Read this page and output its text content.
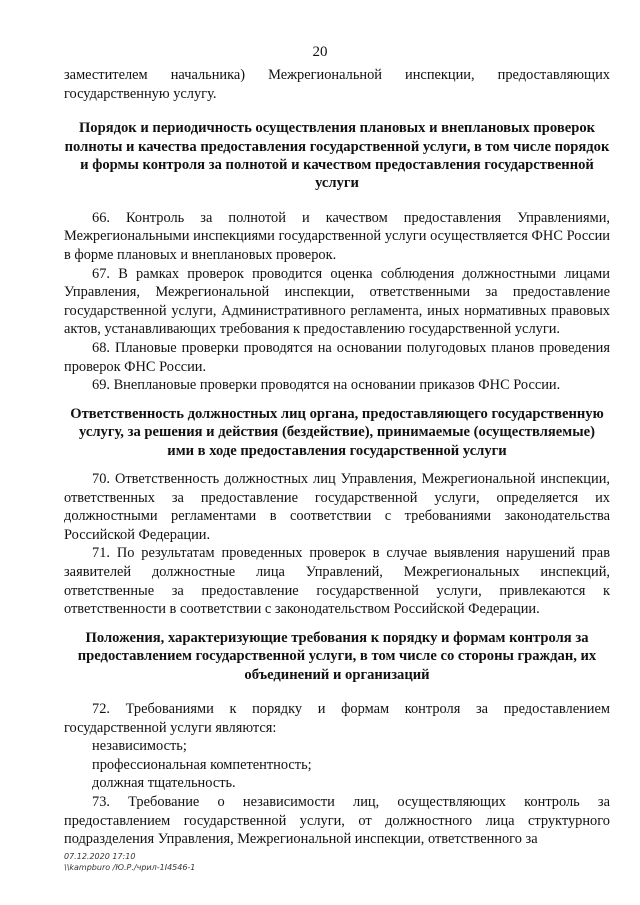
20

заместителем начальника) Межрегиональной инспекции, предоставляющих государственную услугу.

Порядок и периодичность осуществления плановых и внеплановых проверок полноты и качества предоставления государственной услуги, в том числе порядок и формы контроля за полнотой и качеством предоставления государственной услуги

66. Контроль за полнотой и качеством предоставления Управлениями, Межрегиональными инспекциями государственной услуги осуществляется ФНС России в форме плановых и внеплановых проверок.

67. В рамках проверок проводится оценка соблюдения должностными лицами Управления, Межрегиональной инспекции, ответственными за предоставление государственной услуги, Административного регламента, иных нормативных правовых актов, устанавливающих требования к предоставлению государственной услуги.

68. Плановые проверки проводятся на основании полугодовых планов проведения проверок ФНС России.

69. Внеплановые проверки проводятся на основании приказов ФНС России.

Ответственность должностных лиц органа, предоставляющего государственную услугу, за решения и действия (бездействие), принимаемые (осуществляемые) ими в ходе предоставления государственной услуги

70. Ответственность должностных лиц Управления, Межрегиональной инспекции, ответственных за предоставление государственной услуги, определяется их должностными регламентами в соответствии с требованиями законодательства Российской Федерации.

71. По результатам проведенных проверок в случае выявления нарушений прав заявителей должностные лица Управлений, Межрегиональных инспекций, ответственные за предоставление государственной услуги, привлекаются к ответственности в соответствии с законодательством Российской Федерации.

Положения, характеризующие требования к порядку и формам контроля за предоставлением государственной услуги, в том числе со стороны граждан, их объединений и организаций

72. Требованиями к порядку и формам контроля за предоставлением государственной услуги являются:

независимость;

профессиональная компетентность;

должная тщательность.

73. Требование о независимости лиц, осуществляющих контроль за предоставлением государственной услуги, от должностного лица структурного подразделения Управления, Межрегиональной инспекции, ответственного за

07.12.2020 17:10
\\kampburo /Ю.Р./чрил-1I4546-1
